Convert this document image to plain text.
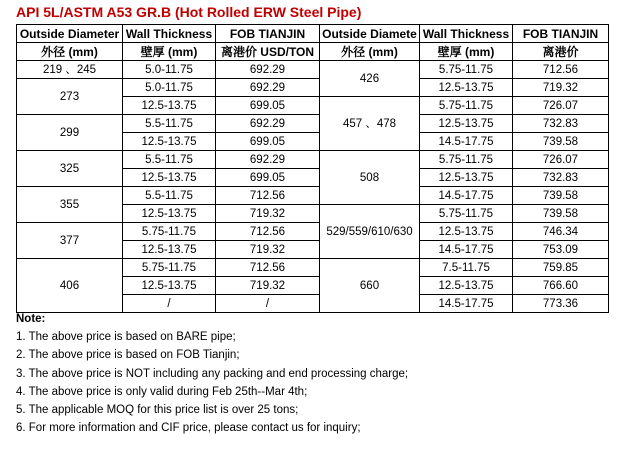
API 5L/ASTM A53 GR.B (Hot Rolled ERW Steel Pipe)
Outside Diameter	Wall Thickness	FOB TIANJIN	Outside Diamete	Wall Thickness	FOB TIANJIN
外径 (mm)	壁厚 (mm)	离港价 USD/TON	外径 (mm)	壁厚 (mm)	离港价
219 、245	5.0-11.75	692.29	426	5.75-11.75	712.56
273	5.0-11.75	692.29		12.5-13.75	719.32
	12.5-13.75	699.05	457 、478	5.75-11.75	726.07
299	5.5-11.75	692.29		12.5-13.75	732.83
	12.5-13.75	699.05		14.5-17.75	739.58
325	5.5-11.75	692.29	508	5.75-11.75	726.07
	12.5-13.75	699.05		12.5-13.75	732.83
355	5.5-11.75	712.56		14.5-17.75	739.58
	12.5-13.75	719.32	529/559/610/630	5.75-11.75	739.58
377	5.75-11.75	712.56		12.5-13.75	746.34
	12.5-13.75	719.32		14.5-17.75	753.09
406	5.75-11.75	712.56	660	7.5-11.75	759.85
	12.5-13.75	719.32		12.5-13.75	766.60
	/	/		14.5-17.75	773.36
Note:
1. The above price is based on BARE pipe;
2. The above price is based on FOB Tianjin;
3. The above price is NOT including any packing and end processing charge;
4. The above price is only valid during Feb 25th--Mar 4th;
5. The applicable MOQ for this price list is over 25 tons;
6. For more information and CIF price, please contact us for inquiry;
